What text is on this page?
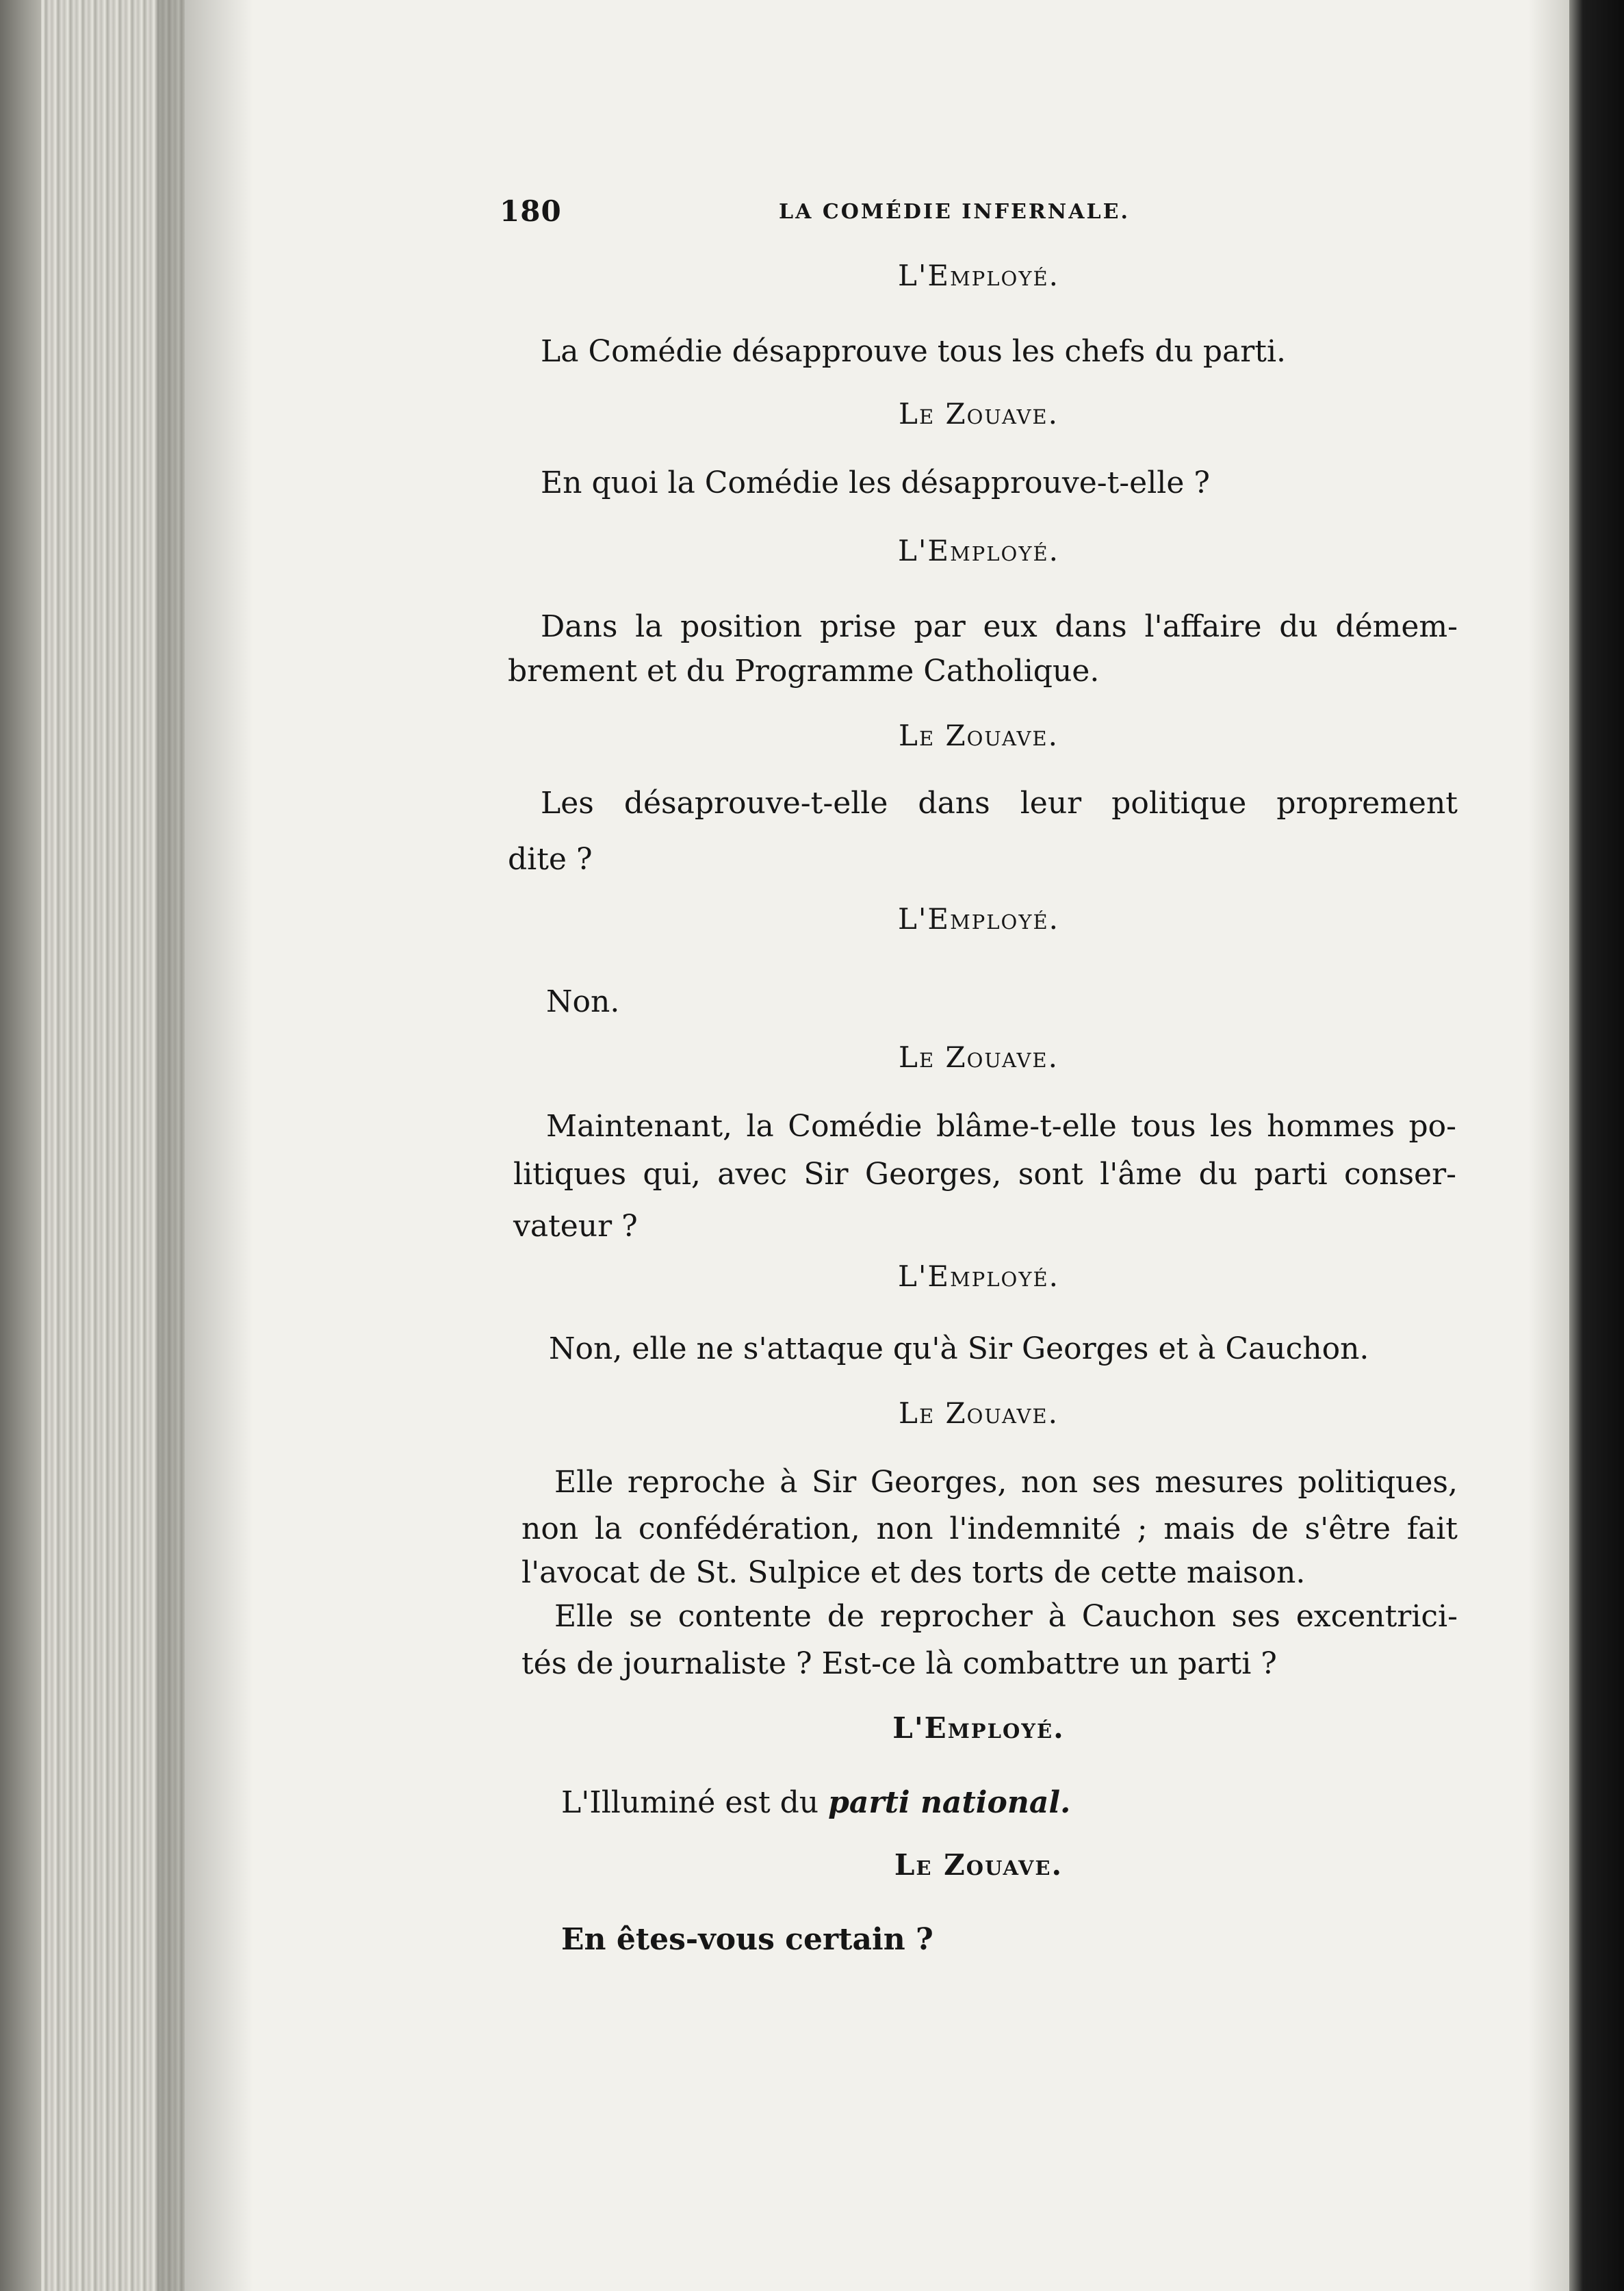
180	LA COMÉDIE INFERNALE.
L'Employé.
La Comédie désapprouve tous les chefs du parti.
Le Zouave.
En quoi la Comédie les désapprouve-t-elle ?
L'Employé.
Dans la position prise par eux dans l'affaire du démem-
brement et du Programme Catholique.
Le Zouave.
Les désaprouve-t-elle dans leur politique proprement
dite ?
L'Employé.
Non.
Le Zouave.
Maintenant, la Comédie blâme-t-elle tous les hommes po-
litiques qui, avec Sir Georges, sont l'âme du parti conser-
vateur ?
L'Employé.
Non, elle ne s'attaque qu'à Sir Georges et à Cauchon.
Le Zouave.
Elle reproche à Sir Georges, non ses mesures politiques,
non la confédération, non l'indemnité ; mais de s'être fait
l'avocat de St. Sulpice et des torts de cette maison.
Elle se contente de reprocher à Cauchon ses excentrici-
tés de journaliste ? Est-ce là combattre un parti ?
L'Employé.
L'Illuminé est du parti national.
Le Zouave.
En êtes-vous certain ?
